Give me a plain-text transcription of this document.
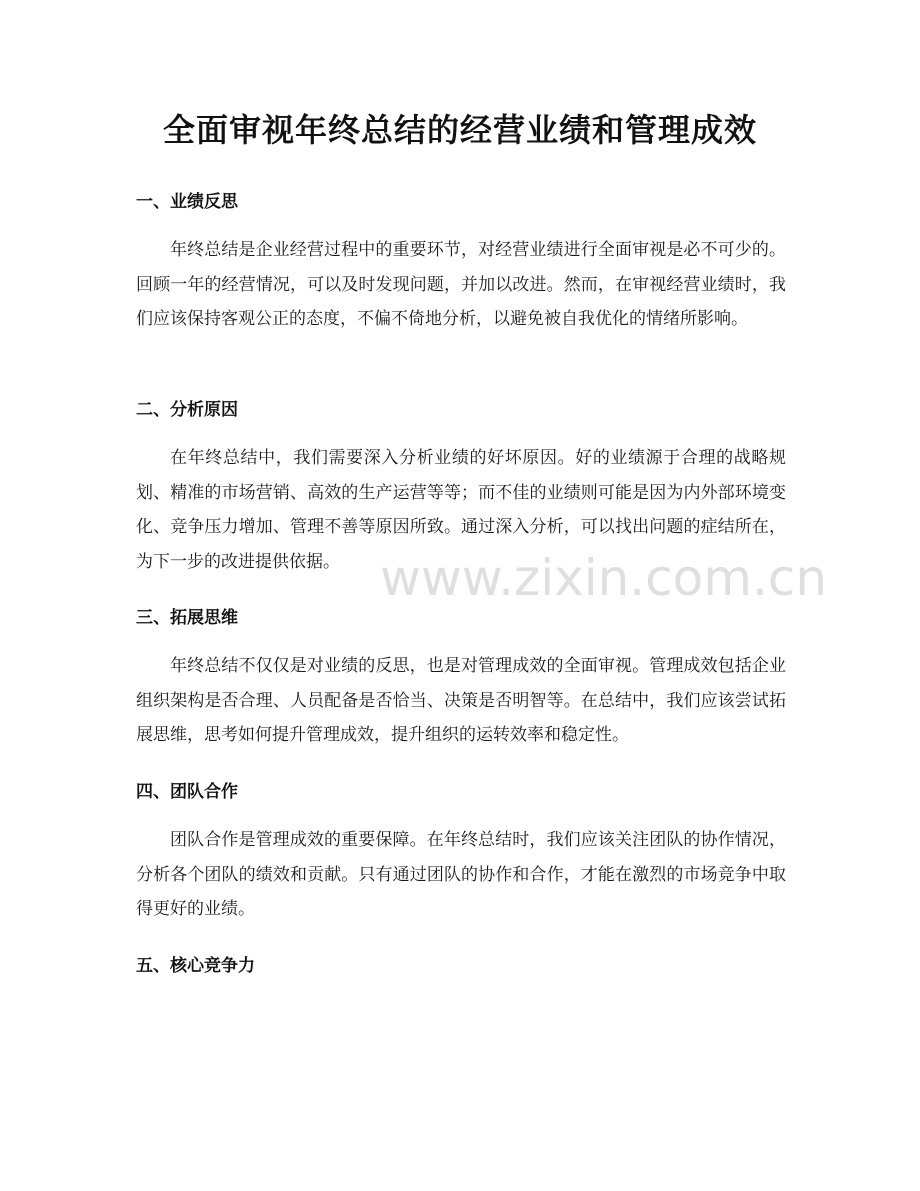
全面审视年终总结的经营业绩和管理成效
一、业绩反思

年终总结是企业经营过程中的重要环节，对经营业绩进行全面审视是必不可少的。回顾一年的经营情况，可以及时发现问题，并加以改进。然而，在审视经营业绩时，我们应该保持客观公正的态度，不偏不倚地分析，以避免被自我优化的情绪所影响。

二、分析原因

在年终总结中，我们需要深入分析业绩的好坏原因。好的业绩源于合理的战略规划、精准的市场营销、高效的生产运营等等；而不佳的业绩则可能是因为内外部环境变化、竞争压力增加、管理不善等原因所致。通过深入分析，可以找出问题的症结所在，为下一步的改进提供依据。

三、拓展思维

年终总结不仅仅是对业绩的反思，也是对管理成效的全面审视。管理成效包括企业组织架构是否合理、人员配备是否恰当、决策是否明智等。在总结中，我们应该尝试拓展思维，思考如何提升管理成效，提升组织的运转效率和稳定性。

四、团队合作

团队合作是管理成效的重要保障。在年终总结时，我们应该关注团队的协作情况，分析各个团队的绩效和贡献。只有通过团队的协作和合作，才能在激烈的市场竞争中取得更好的业绩。

五、核心竞争力
www.zixin.com.cn
